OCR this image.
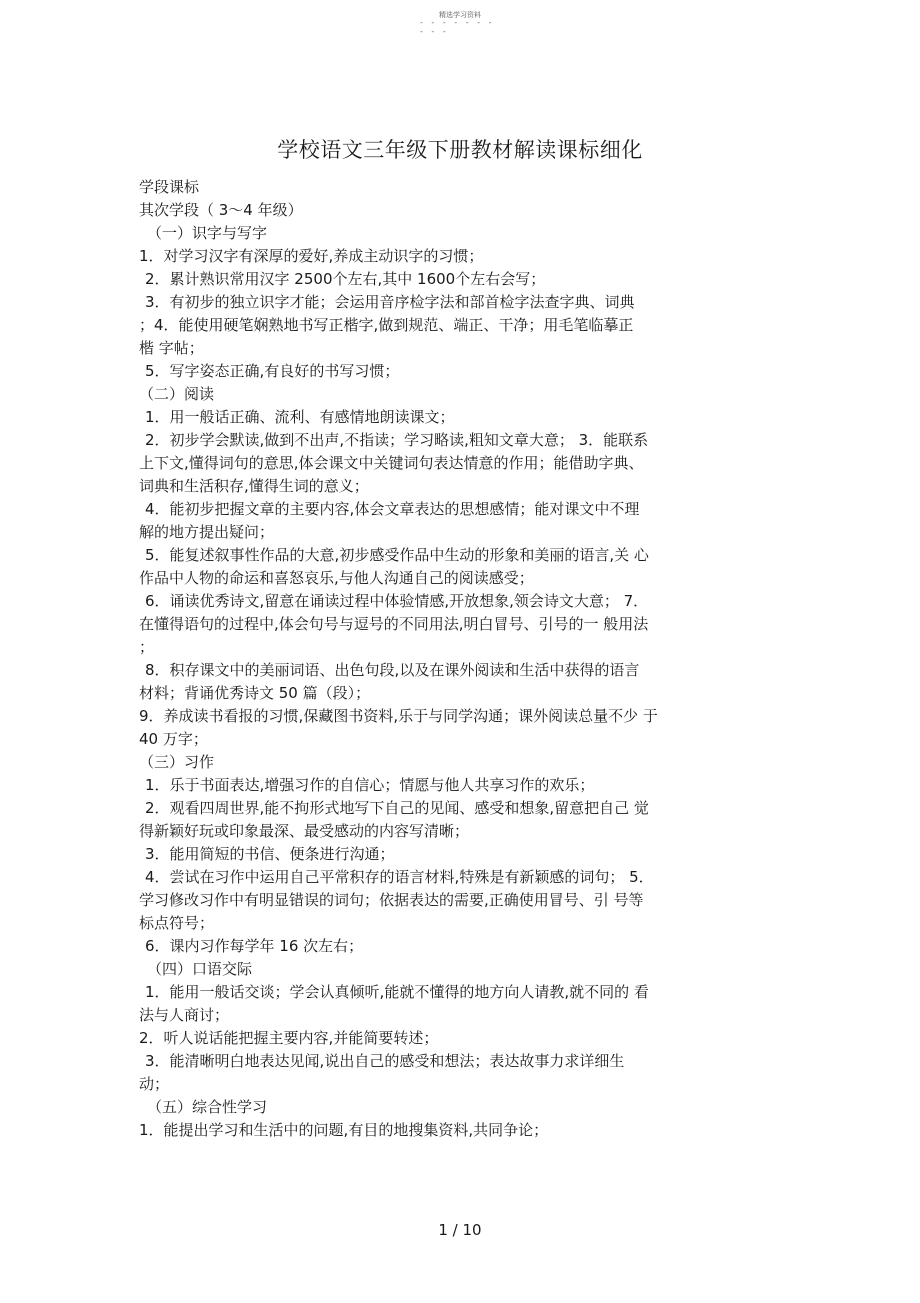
精选学习资料
- - - - - - -
- - -
学校语文三年级下册教材解读课标细化
学段课标
其次学段（ 3～4 年级）
（一）识字与写字
1．对学习汉字有深厚的爱好,养成主动识字的习惯；
2．累计熟识常用汉字 2500个左右,其中 1600个左右会写；
3．有初步的独立识字才能；会运用音序检字法和部首检字法查字典、词典
；4．能使用硬笔娴熟地书写正楷字,做到规范、端正、干净；用毛笔临摹正
楷 字帖；
5．写字姿态正确,有良好的书写习惯；
（二）阅读
1．用一般话正确、流利、有感情地朗读课文；
2．初步学会默读,做到不出声,不指读；学习略读,粗知文章大意； 3．能联系
上下文,懂得词句的意思,体会课文中关键词句表达情意的作用；能借助字典、
词典和生活积存,懂得生词的意义；
4．能初步把握文章的主要内容,体会文章表达的思想感情；能对课文中不理
解的地方提出疑问；
5．能复述叙事性作品的大意,初步感受作品中生动的形象和美丽的语言,关 心
作品中人物的命运和喜怒哀乐,与他人沟通自己的阅读感受；
6．诵读优秀诗文,留意在诵读过程中体验情感,开放想象,领会诗文大意； 7．
在懂得语句的过程中,体会句号与逗号的不同用法,明白冒号、引号的一 般用法
；
8．积存课文中的美丽词语、出色句段,以及在课外阅读和生活中获得的语言
材料；背诵优秀诗文 50 篇（段）；
9．养成读书看报的习惯,保藏图书资料,乐于与同学沟通；课外阅读总量不少 于
40 万字；
（三）习作
1．乐于书面表达,增强习作的自信心；情愿与他人共享习作的欢乐；
2．观看四周世界,能不拘形式地写下自己的见闻、感受和想象,留意把自己 觉
得新颖好玩或印象最深、最受感动的内容写清晰；
3．能用简短的书信、便条进行沟通；
4．尝试在习作中运用自己平常积存的语言材料,特殊是有新颖感的词句； 5．
学习修改习作中有明显错误的词句；依据表达的需要,正确使用冒号、引 号等
标点符号；
6．课内习作每学年 16 次左右；
（四）口语交际
1．能用一般话交谈；学会认真倾听,能就不懂得的地方向人请教,就不同的 看
法与人商讨；
2．听人说话能把握主要内容,并能简要转述；
3．能清晰明白地表达见闻,说出自己的感受和想法；表达故事力求详细生
动；
（五）综合性学习
1．能提出学习和生活中的问题,有目的地搜集资料,共同争论；
1 / 10
